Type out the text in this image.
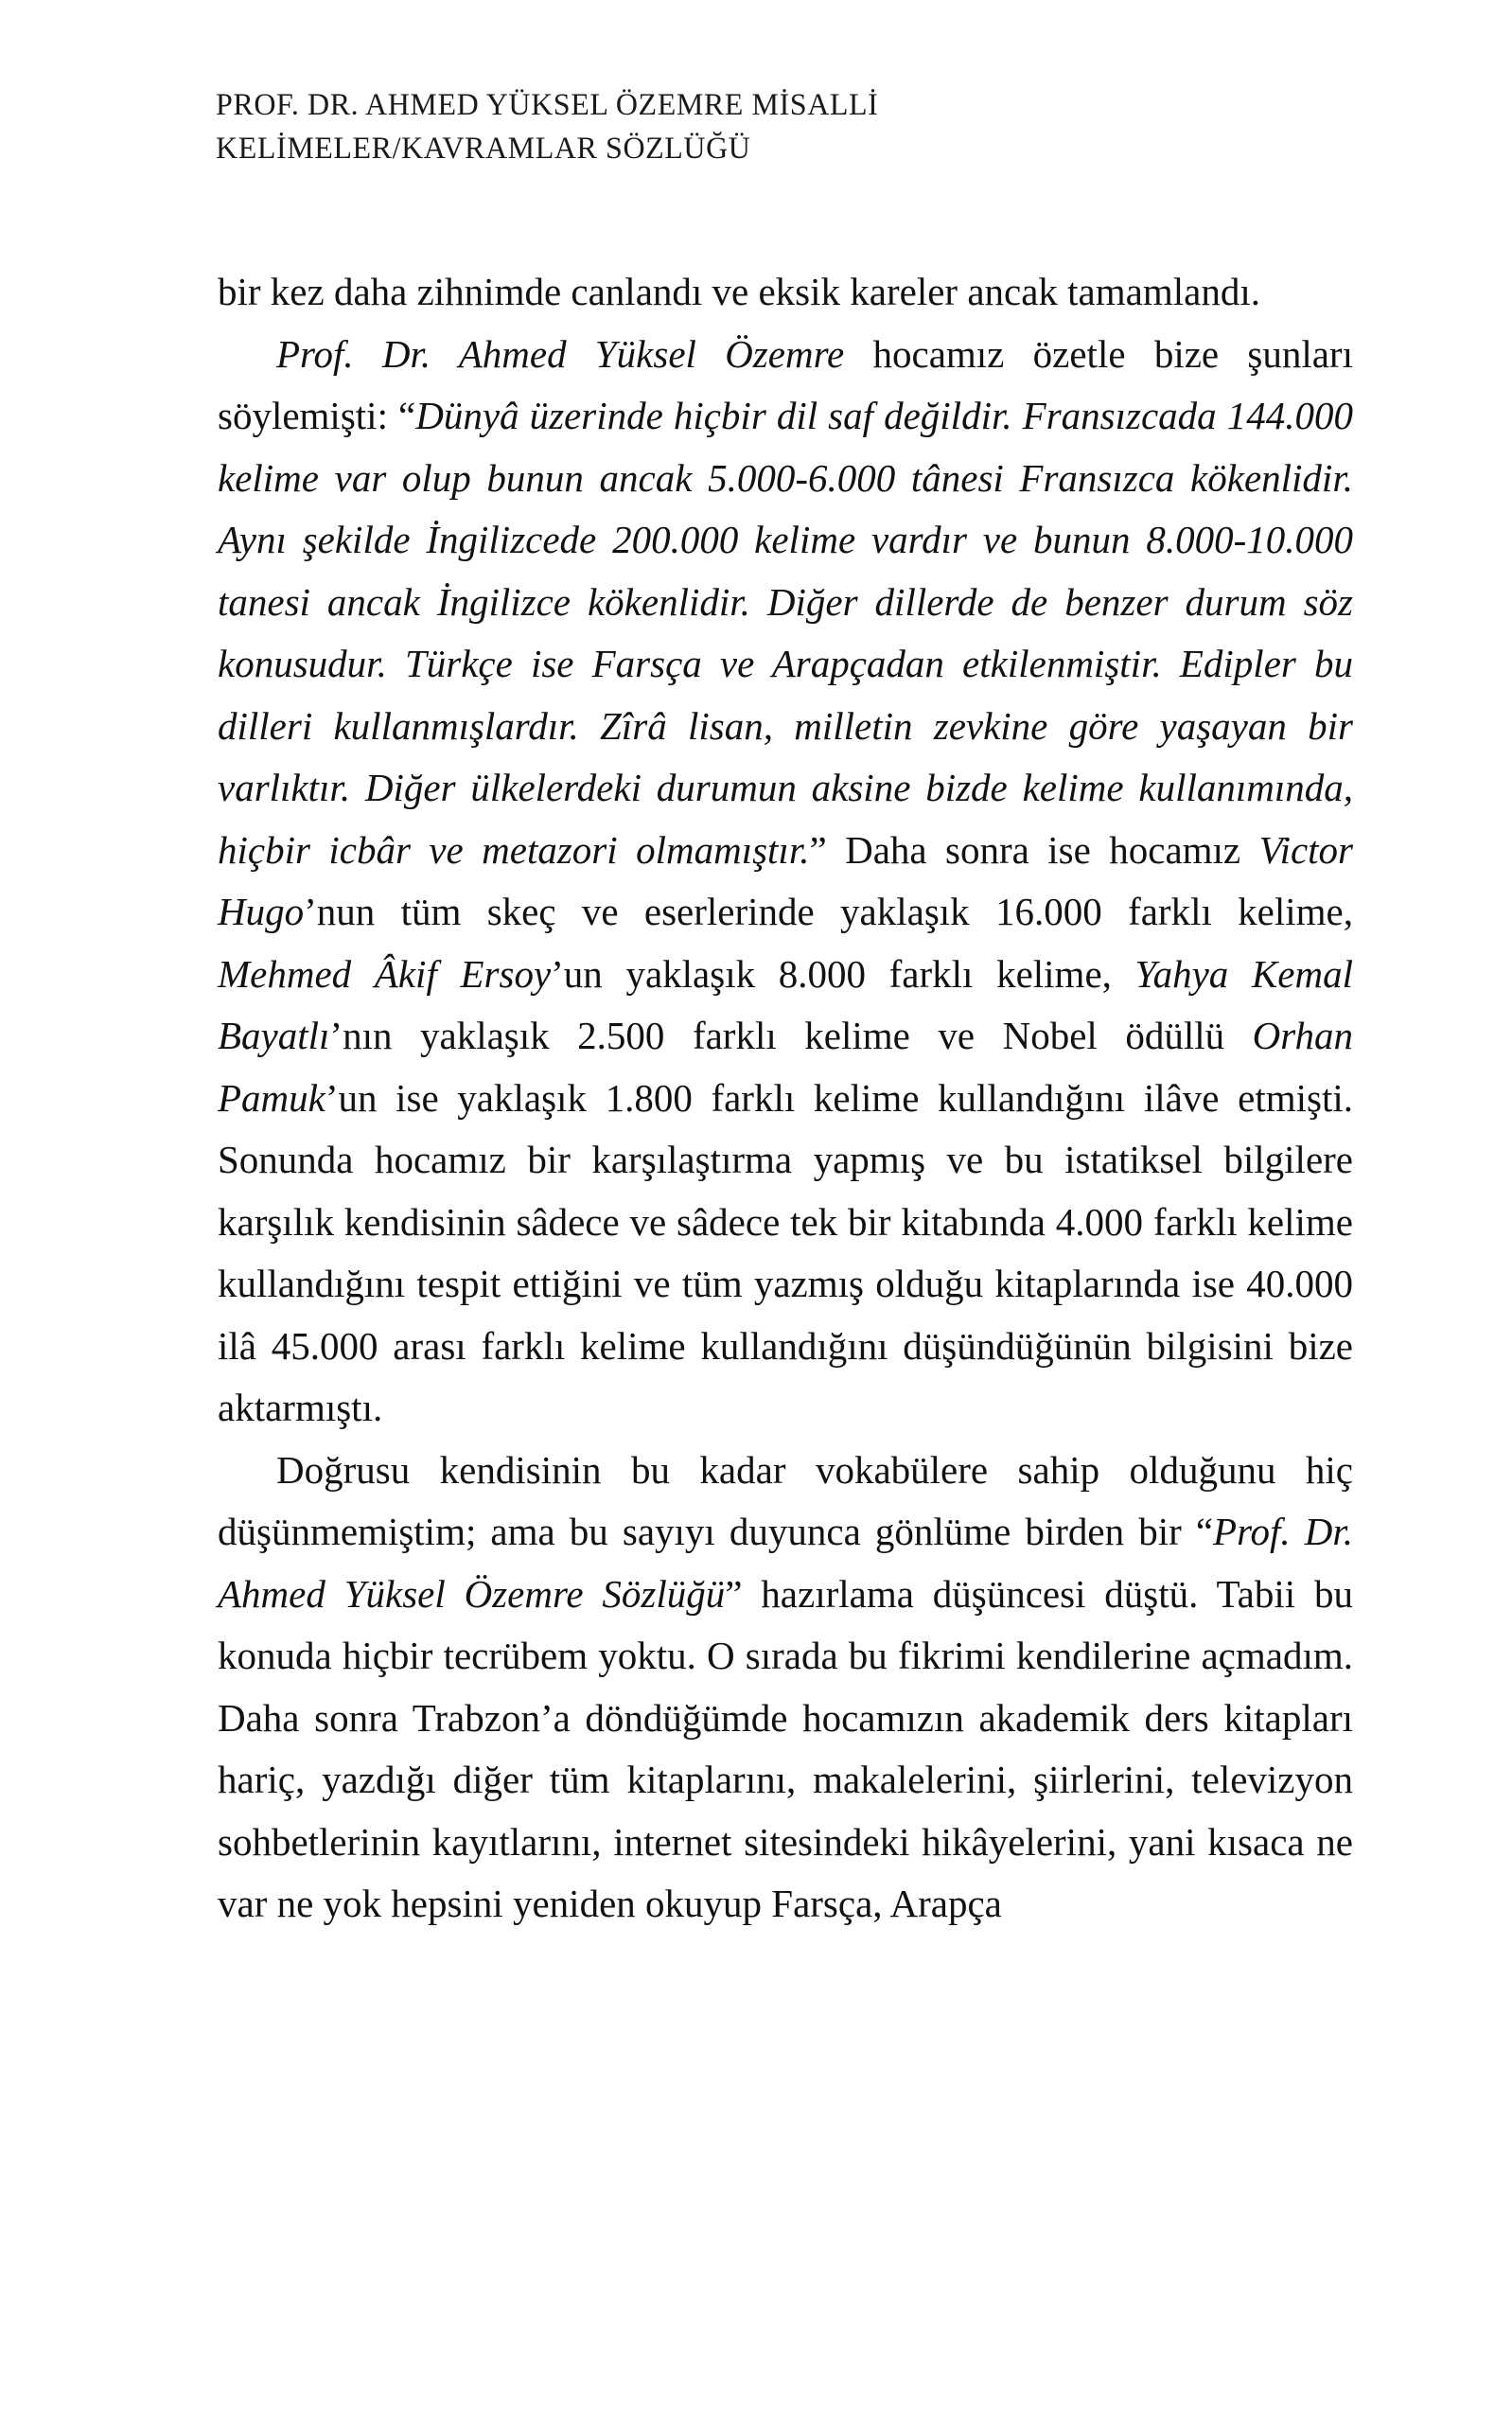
PROF. DR. AHMED YÜKSEL ÖZEMRE MİSALLİ
KELİMELER/KAVRAMLAR SÖZLÜĞÜ

bir kez daha zihnimde canlandı ve eksik kareler ancak tamamlandı.

Prof. Dr. Ahmed Yüksel Özemre hocamız özetle bize şunları söylemişti: “Dünyâ üzerinde hiçbir dil saf değildir. Fransızcada 144.000 kelime var olup bunun ancak 5.000-6.000 tânesi Fransızca kökenlidir. Aynı şekilde İngilizcede 200.000 kelime vardır ve bunun 8.000-10.000 tanesi ancak İngilizce kökenlidir. Diğer dillerde de benzer durum söz konusudur. Türkçe ise Farsça ve Arapçadan etkilenmiştir. Edipler bu dilleri kullanmışlardır. Zîrâ lisan, milletin zevkine göre yaşayan bir varlıktır. Diğer ülkelerdeki durumun aksine bizde kelime kullanımında, hiçbir icbâr ve metazori olmamıştır.” Daha sonra ise hocamız Victor Hugo’nun tüm skeç ve eserlerinde yaklaşık 16.000 farklı kelime, Mehmed Âkif Ersoy’un yaklaşık 8.000 farklı kelime, Yahya Kemal Bayatlı’nın yaklaşık 2.500 farklı kelime ve Nobel ödüllü Orhan Pamuk’un ise yaklaşık 1.800 farklı kelime kullandığını ilâve etmişti. Sonunda hocamız bir karşılaştırma yapmış ve bu istatiksel bilgilere karşılık kendisinin sâdece ve sâdece tek bir kitabında 4.000 farklı kelime kullandığını tespit ettiğini ve tüm yazmış olduğu kitaplarında ise 40.000 ilâ 45.000 arası farklı kelime kullandığını düşündüğünün bilgisini bize aktarmıştı.

Doğrusu kendisinin bu kadar vokabülere sahip olduğunu hiç düşünmemiştim; ama bu sayıyı duyunca gönlüme birden bir “Prof. Dr. Ahmed Yüksel Özemre Sözlüğü” hazırlama düşüncesi düştü. Tabii bu konuda hiçbir tecrübem yoktu. O sırada bu fikrimi kendilerine açmadım. Daha sonra Trabzon’a döndüğümde hocamızın akademik ders kitapları hariç, yazdığı diğer tüm kitaplarını, makalelerini, şiirlerini, televizyon sohbetlerinin kayıtlarını, internet sitesindeki hikâyelerini, yani kısaca ne var ne yok hepsini yeniden okuyup Farsça, Arapça
